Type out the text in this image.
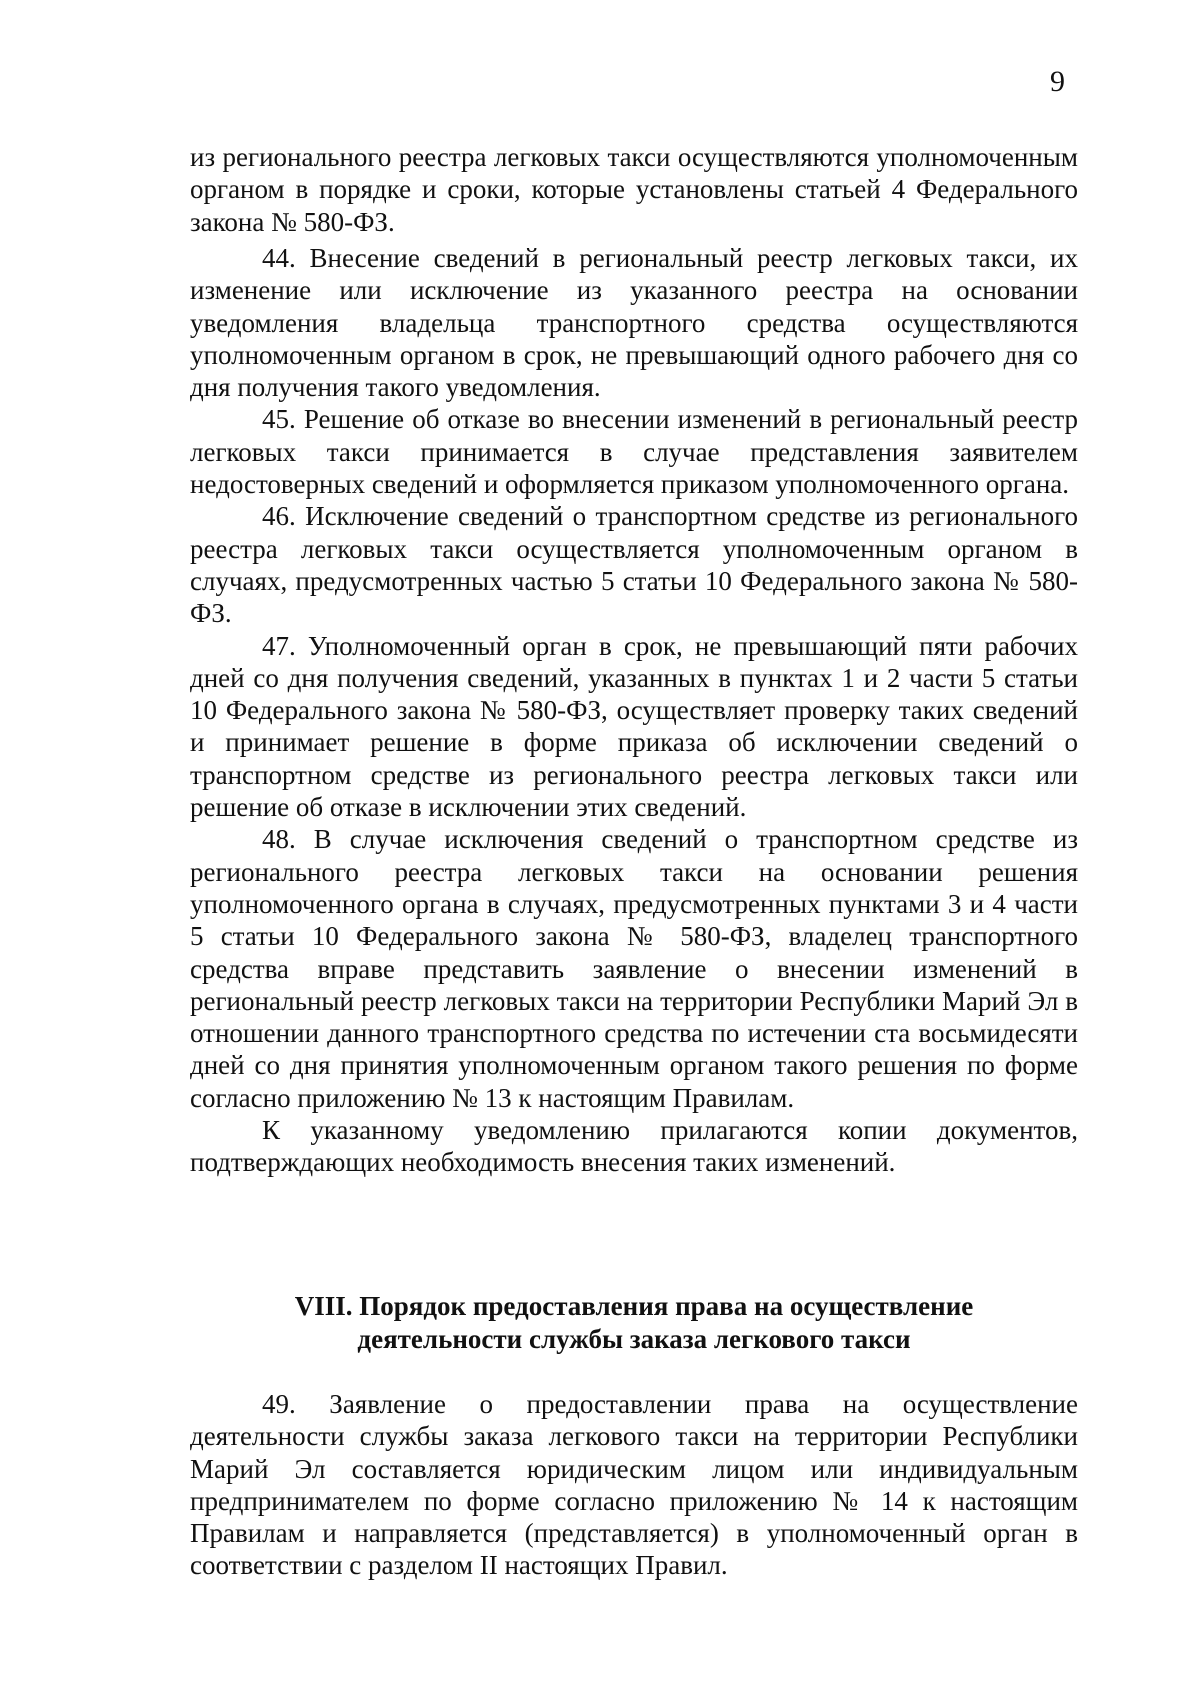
9

из регионального реестра легковых такси осуществляются уполномоченным органом в порядке и сроки, которые установлены статьей 4 Федерального закона № 580-ФЗ.

44. Внесение сведений в региональный реестр легковых такси, их изменение или исключение из указанного реестра на основании уведомления владельца транспортного средства осуществляются уполномоченным органом в срок, не превышающий одного рабочего дня со дня получения такого уведомления.

45. Решение об отказе во внесении изменений в региональный реестр легковых такси принимается в случае представления заявителем недостоверных сведений и оформляется приказом уполномоченного органа.

46. Исключение сведений о транспортном средстве из регионального реестра легковых такси осуществляется уполномоченным органом в случаях, предусмотренных частью 5 статьи 10 Федерального закона № 580-ФЗ.

47. Уполномоченный орган в срок, не превышающий пяти рабочих дней со дня получения сведений, указанных в пунктах 1 и 2 части 5 статьи 10 Федерального закона № 580-ФЗ, осуществляет проверку таких сведений и принимает решение в форме приказа об исключении сведений о транспортном средстве из регионального реестра легковых такси или решение об отказе в исключении этих сведений.

48. В случае исключения сведений о транспортном средстве из регионального реестра легковых такси на основании решения уполномоченного органа в случаях, предусмотренных пунктами 3 и 4 части 5 статьи 10 Федерального закона № 580-ФЗ, владелец транспортного средства вправе представить заявление о внесении изменений в региональный реестр легковых такси на территории Республики Марий Эл в отношении данного транспортного средства по истечении ста восьмидесяти дней со дня принятия уполномоченным органом такого решения по форме согласно приложению № 13 к настоящим Правилам.

К указанному уведомлению прилагаются копии документов, подтверждающих необходимость внесения таких изменений.

VIII. Порядок предоставления права на осуществление
деятельности службы заказа легкового такси

49. Заявление о предоставлении права на осуществление деятельности службы заказа легкового такси на территории Республики Марий Эл составляется юридическим лицом или индивидуальным предпринимателем по форме согласно приложению № 14 к настоящим Правилам и направляется (представляется) в уполномоченный орган в соответствии с разделом II настоящих Правил.
